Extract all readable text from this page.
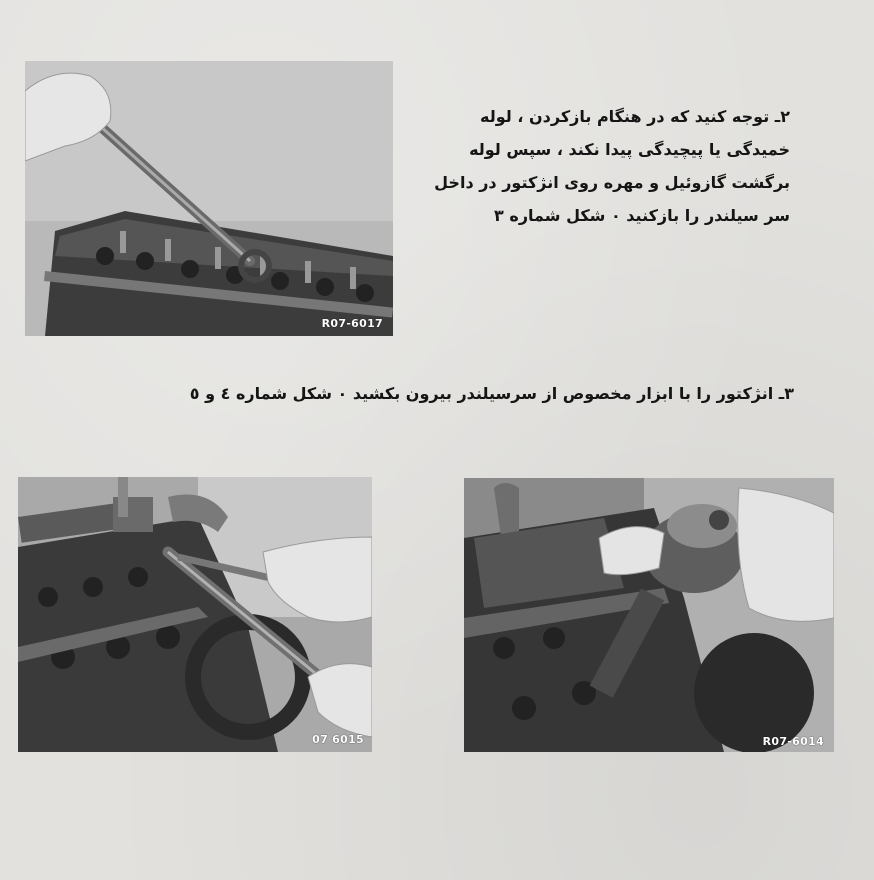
R07-6017
۲ـ توجه کنید که در هنگام بازکردن ، لوله
خمیدگی یا پیچیدگی پیدا نکند ، سپس لوله
برگشت گازوئیل و مهره روی انژکتور در داخل
سر سیلندر را بازکنید ۰ شکل شماره ۳
۳ـ انژکتور را با ابزار مخصوص از سرسیلندر بیرون بکشید ۰ شکل شماره ٤ و ٥
07 6015	R07-6014
